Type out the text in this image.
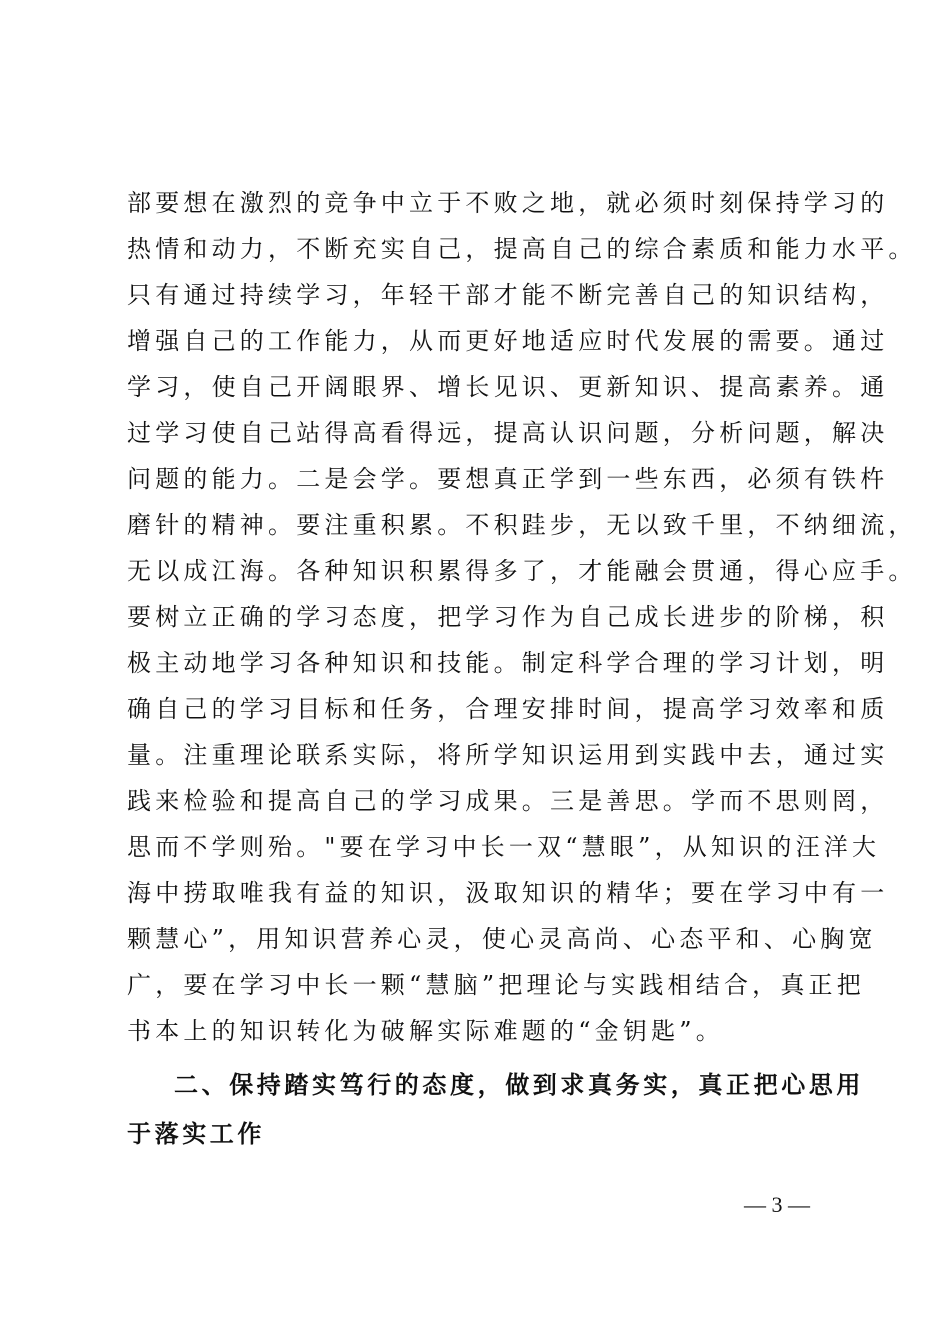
部要想在激烈的竞争中立于不败之地，就必须时刻保持学习的
热情和动力，不断充实自己，提高自己的综合素质和能力水平。
只有通过持续学习，年轻干部才能不断完善自己的知识结构，
增强自己的工作能力，从而更好地适应时代发展的需要。通过
学习，使自己开阔眼界、增长见识、更新知识、提高素养。通
过学习使自己站得高看得远，提高认识问题，分析问题，解决
问题的能力。二是会学。要想真正学到一些东西，必须有铁杵
磨针的精神。要注重积累。不积跬步，无以致千里，不纳细流，
无以成江海。各种知识积累得多了，才能融会贯通，得心应手。
要树立正确的学习态度，把学习作为自己成长进步的阶梯，积
极主动地学习各种知识和技能。制定科学合理的学习计划，明
确自己的学习目标和任务，合理安排时间，提高学习效率和质
量。注重理论联系实际，将所学知识运用到实践中去，通过实
践来检验和提高自己的学习成果。三是善思。学而不思则罔，
思而不学则殆。"要在学习中长一双“慧眼”，从知识的汪洋大
海中捞取唯我有益的知识，汲取知识的精华；要在学习中有一
颗慧心”，用知识营养心灵，使心灵高尚、心态平和、心胸宽
广，要在学习中长一颗“慧脑”把理论与实践相结合，真正把
书本上的知识转化为破解实际难题的“金钥匙”。
二、保持踏实笃行的态度，做到求真务实，真正把心思用
于落实工作
— 3 —
